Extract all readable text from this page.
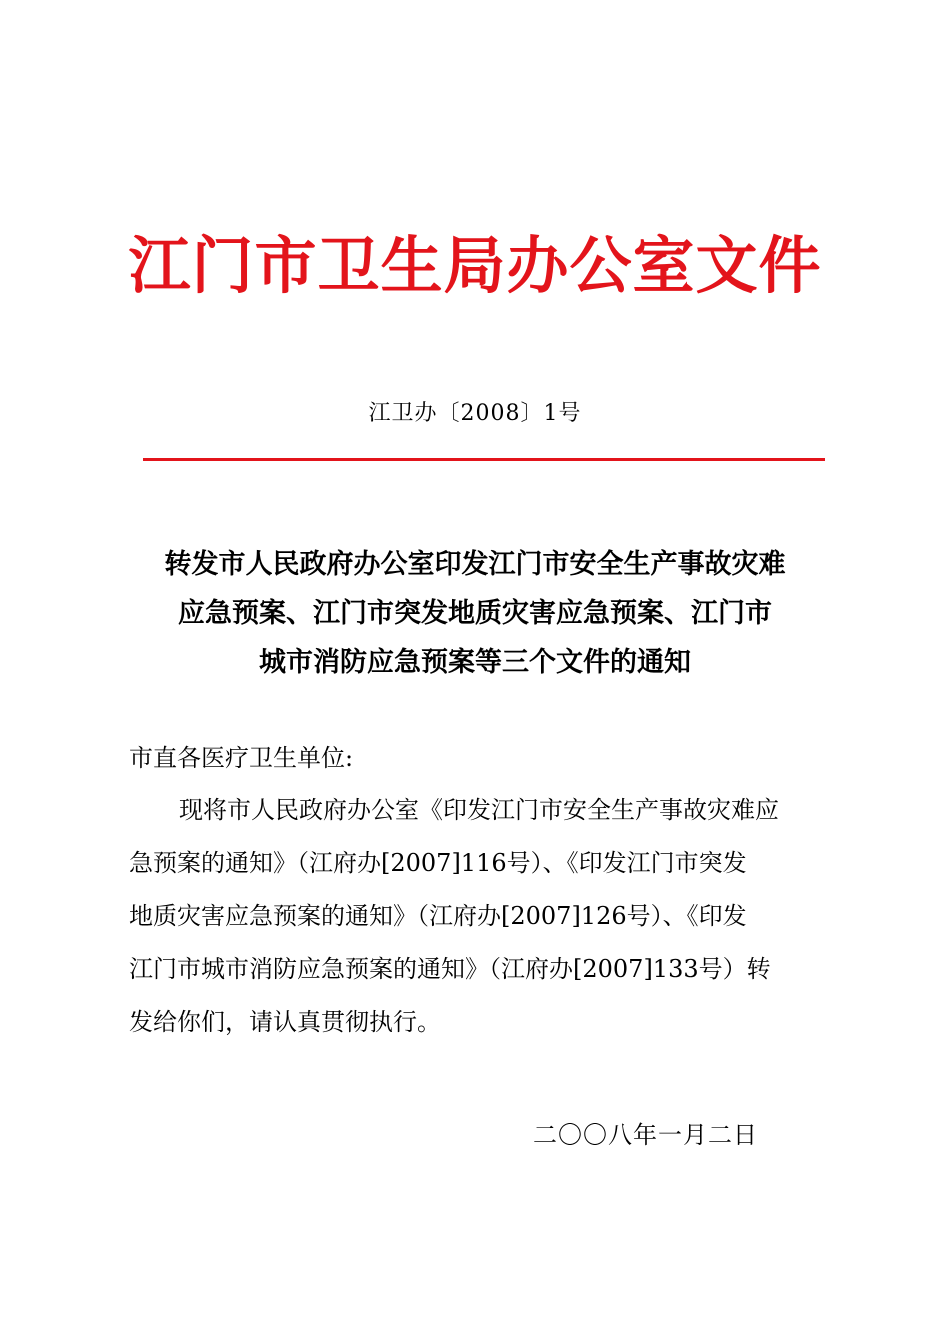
江门市卫生局办公室文件
江卫办〔2008〕1号
转发市人民政府办公室印发江门市安全生产事故灾难
应急预案、江门市突发地质灾害应急预案、江门市
城市消防应急预案等三个文件的通知
市直各医疗卫生单位:
现将市人民政府办公室《印发江门市安全生产事故灾难应
急预案的通知》（江府办[2007]116号）、《印发江门市突发
地质灾害应急预案的通知》（江府办[2007]126号）、《印发
江门市城市消防应急预案的通知》（江府办[2007]133号）转
发给你们，请认真贯彻执行。
二〇〇八年一月二日
